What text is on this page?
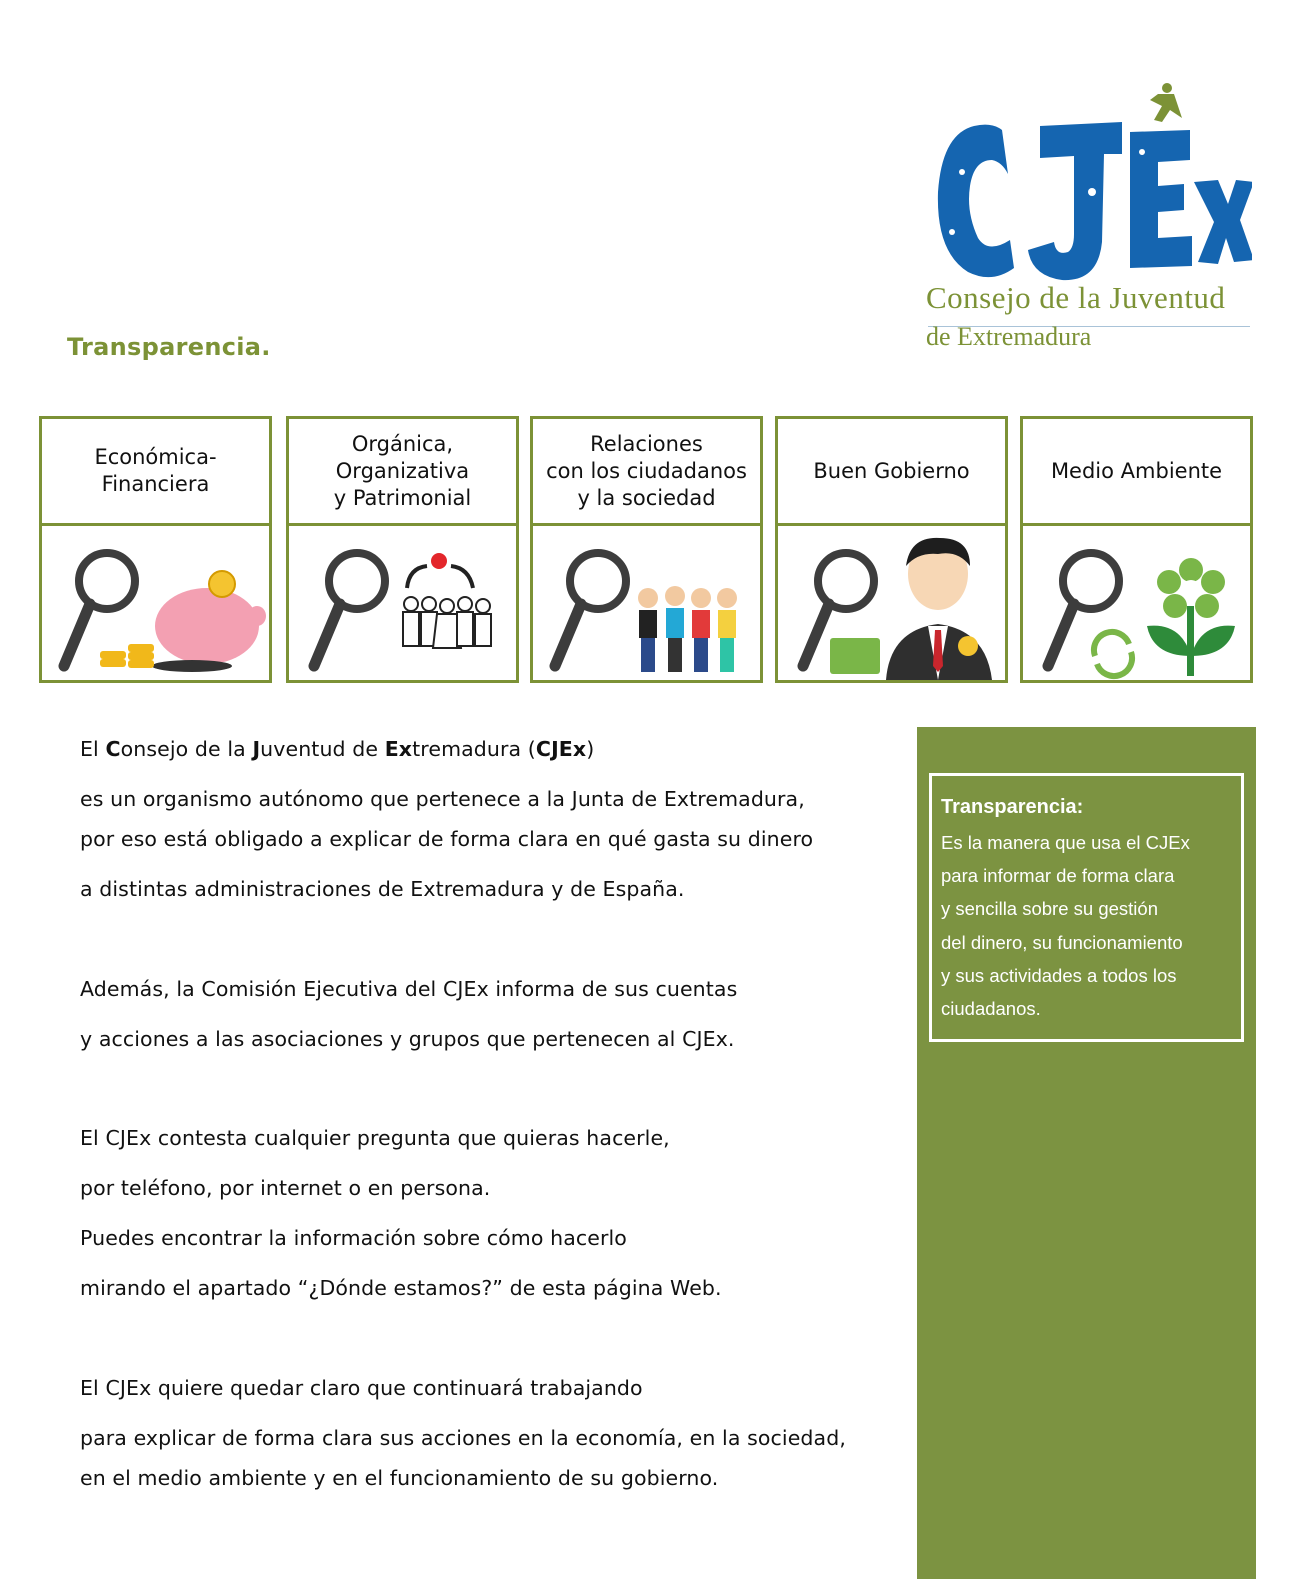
Consejo de la Juventud
de Extremadura
Transparencia.
Económica-
Financiera
Orgánica,
Organizativa
y Patrimonial
Relaciones
con los ciudadanos
y la sociedad
Buen Gobierno	Medio Ambiente
El Consejo de la Juventud de Extremadura (CJEx)
es un organismo autónomo que pertenece a la Junta de Extremadura,
por eso está obligado a explicar de forma clara en qué gasta su dinero
a distintas administraciones de Extremadura y de España.
Además, la Comisión Ejecutiva del CJEx informa de sus cuentas
y acciones a las asociaciones y grupos que pertenecen al CJEx.
El CJEx contesta cualquier pregunta que quieras hacerle,
por teléfono, por internet o en persona.
Puedes encontrar la información sobre cómo hacerlo
mirando el apartado “¿Dónde estamos?” de esta página Web.
El CJEx quiere quedar claro que continuará trabajando
para explicar de forma clara sus acciones en la economía, en la sociedad,
en el medio ambiente y en el funcionamiento de su gobierno.
Transparencia:
Es la manera que usa el CJEx
para informar de forma clara
y sencilla sobre su gestión
del dinero, su funcionamiento
y sus actividades a todos los
ciudadanos.
